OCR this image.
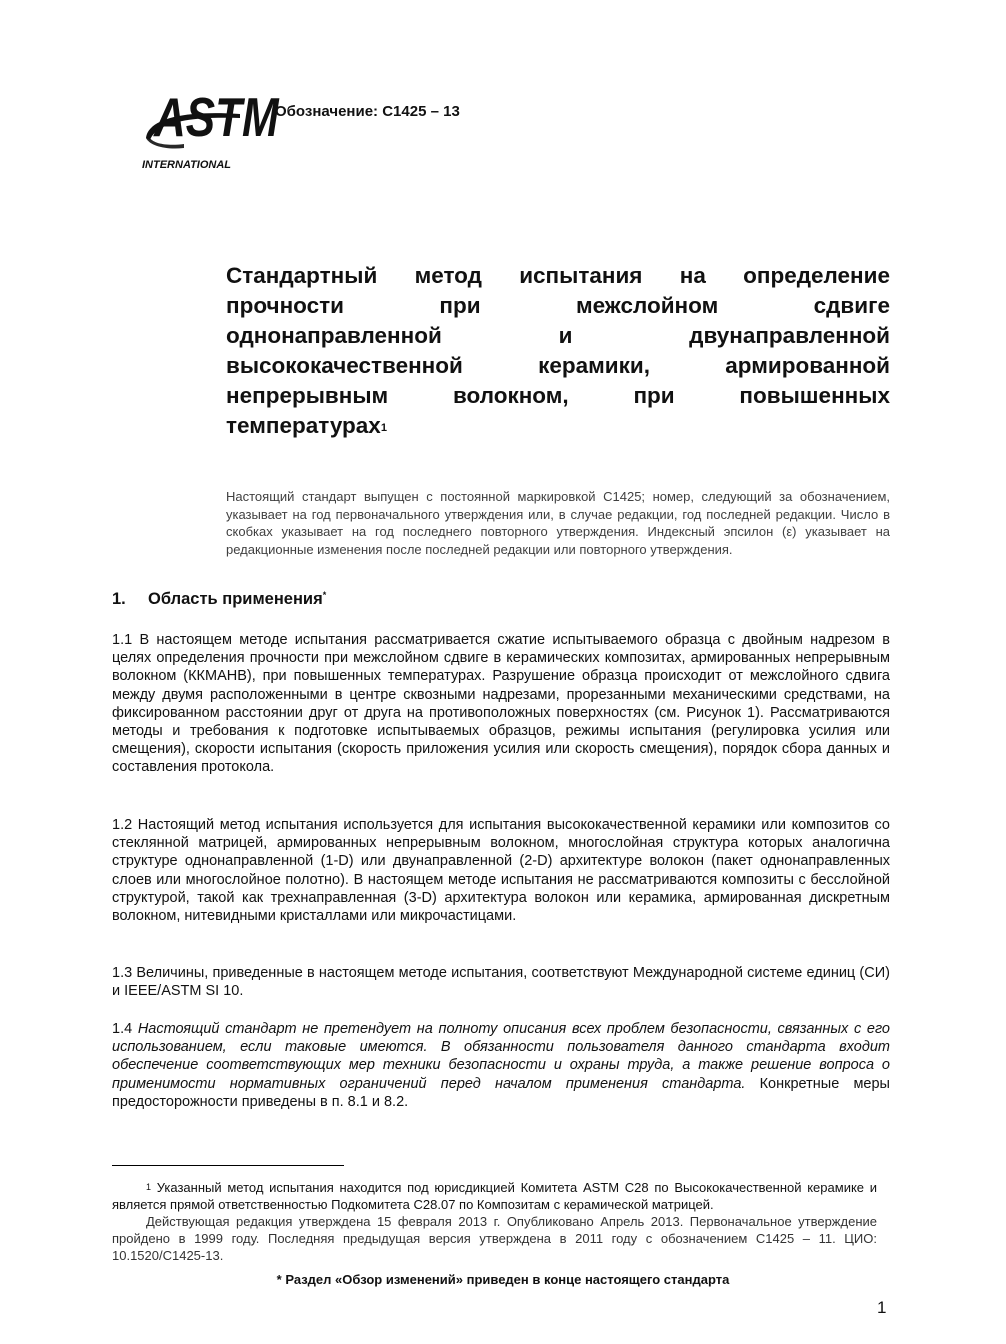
ASTM
INTERNATIONAL
Обозначение: C1425 – 13
Стандартный метод испытания на определение
прочности	при	межслойном	сдвиге
однонаправленной	и	двунаправленной
высококачественной	керамики,	армированной
непрерывным	волокном,	при	повышенных
температурах$^1$
Настоящий стандарт выпущен с постоянной маркировкой C1425; номер, следующий за обозначением, указывает на год первоначального утверждения или, в случае редакции, год последней редакции. Число в скобках указывает на год последнего повторного утверждения. Индексный эпсилон (ε) указывает на редакционные изменения после последней редакции или повторного утверждения.
1. Область применения*
1.1 В настоящем методе испытания рассматривается сжатие испытываемого образца с двойным надрезом в целях определения прочности при межслойном сдвиге в керамических композитах, армированных непрерывным волокном (ККМАНВ), при повышенных температурах. Разрушение образца происходит от межслойного сдвига между двумя расположенными в центре сквозными надрезами, прорезанными механическими средствами, на фиксированном расстоянии друг от друга на противоположных поверхностях (см. Рисунок 1). Рассматриваются методы и требования к подготовке испытываемых образцов, режимы испытания (регулировка усилия или смещения), скорости испытания (скорость приложения усилия или скорость смещения), порядок сбора данных и составления протокола.
1.2 Настоящий метод испытания используется для испытания высококачественной керамики или композитов со стеклянной матрицей, армированных непрерывным волокном, многослойная структура которых аналогична структуре однонаправленной (1-D) или двунаправленной (2-D) архитектуре волокон (пакет однонаправленных слоев или многослойное полотно). В настоящем методе испытания не рассматриваются композиты с бесслойной структурой, такой как трехнаправленная (3-D) архитектура волокон или керамика, армированная дискретным волокном, нитевидными кристаллами или микрочастицами.
1.3 Величины, приведенные в настоящем методе испытания, соответствуют Международной системе единиц (СИ) и IEEE/ASTM SI 10.
1.4 Настоящий стандарт не претендует на полноту описания всех проблем безопасности, связанных с его использованием, если таковые имеются. В обязанности пользователя данного стандарта входит обеспечение соответствующих мер техники безопасности и охраны труда, а также решение вопроса о применимости нормативных ограничений перед началом применения стандарта. Конкретные меры предосторожности приведены в п. 8.1 и 8.2.

$^1$ Указанный метод испытания находится под юрисдикцией Комитета ASTM C28 по Высококачественной керамике и является прямой ответственностью Подкомитета C28.07 по Композитам с керамической матрицей.

Действующая редакция утверждена 15 февраля 2013 г. Опубликовано Апрель 2013. Первоначальное утверждение пройдено в 1999 году. Последняя предыдущая версия утверждена в 2011 году с обозначением C1425 – 11. ЦИО: 10.1520/C1425-13.

* Раздел «Обзор изменений» приведен в конце настоящего стандарта
1
